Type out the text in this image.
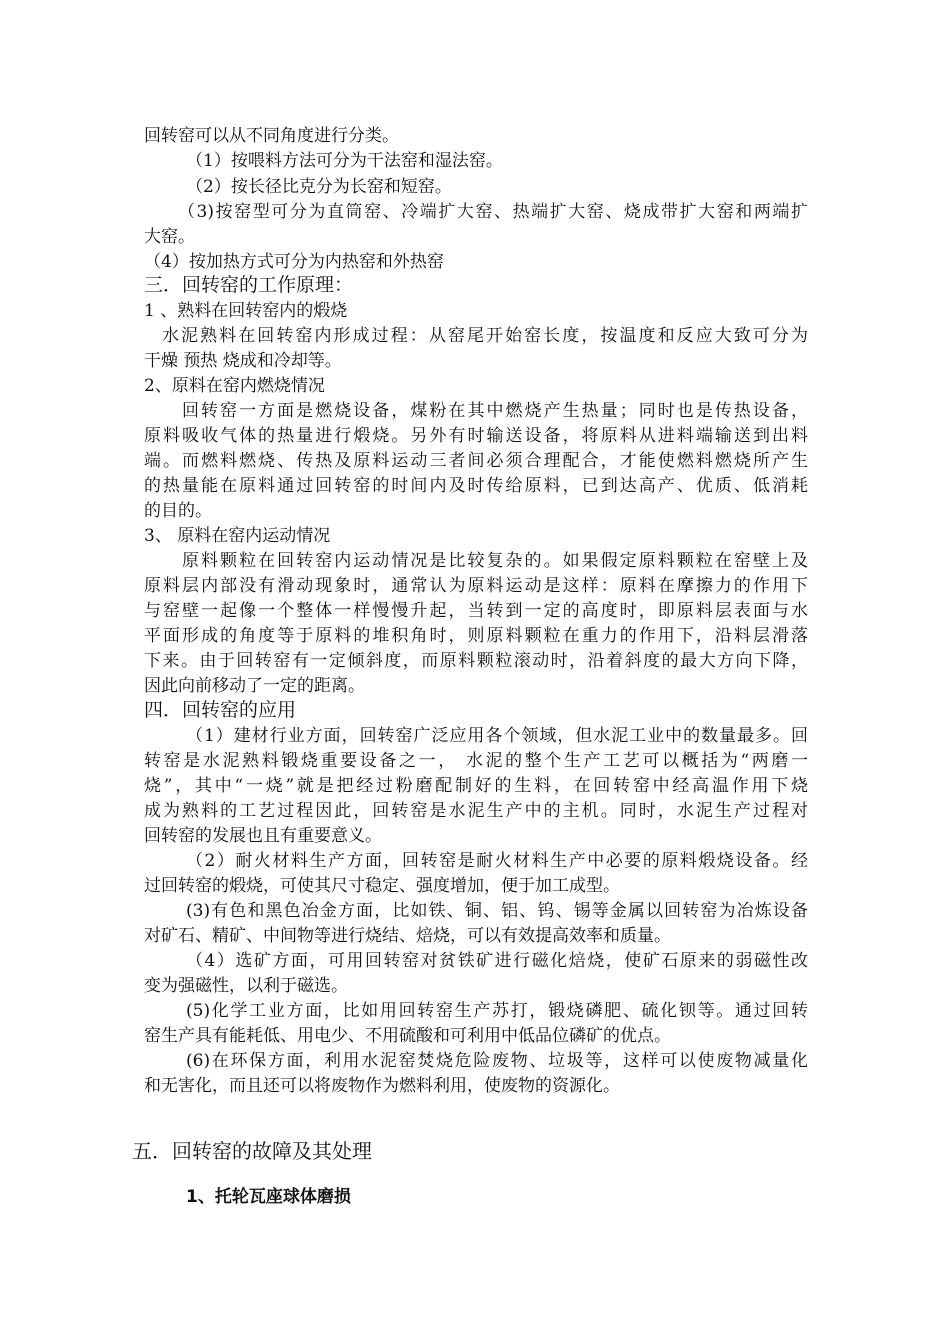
回转窑可以从不同角度进行分类。
（1）按喂料方法可分为干法窑和湿法窑。
（2）按长径比克分为长窑和短窑。
（3)按窑型可分为直筒窑、冷端扩大窑、热端扩大窑、烧成带扩大窑和两端扩
大窑。
（4）按加热方式可分为内热窑和外热窑
三．回转窑的工作原理：
1 、熟料在回转窑内的煅烧
水泥熟料在回转窑内形成过程：从窑尾开始窑长度，按温度和反应大致可分为
干燥 预热 烧成和冷却等。
2、原料在窑内燃烧情况
回转窑一方面是燃烧设备，煤粉在其中燃烧产生热量；同时也是传热设备，
原料吸收气体的热量进行煅烧。另外有时输送设备，将原料从进料端输送到出料
端。而燃料燃烧、传热及原料运动三者间必须合理配合，才能使燃料燃烧所产生
的热量能在原料通过回转窑的时间内及时传给原料，已到达高产、优质、低消耗
的目的。
3、 原料在窑内运动情况
原料颗粒在回转窑内运动情况是比较复杂的。如果假定原料颗粒在窑壁上及
原料层内部没有滑动现象时，通常认为原料运动是这样：原料在摩擦力的作用下
与窑壁一起像一个整体一样慢慢升起，当转到一定的高度时，即原料层表面与水
平面形成的角度等于原料的堆积角时，则原料颗粒在重力的作用下，沿料层滑落
下来。由于回转窑有一定倾斜度，而原料颗粒滚动时，沿着斜度的最大方向下降，
因此向前移动了一定的距离。
四．回转窑的应用
（1）建材行业方面，回转窑广泛应用各个领域，但水泥工业中的数量最多。回
转窑是水泥熟料锻烧重要设备之一， 水泥的整个生产工艺可以概括为“两磨一
烧”，其中“一烧”就是把经过粉磨配制好的生料，在回转窑中经高温作用下烧
成为熟料的工艺过程因此，回转窑是水泥生产中的主机。同时，水泥生产过程对
回转窑的发展也且有重要意义。
（2）耐火材料生产方面，回转窑是耐火材料生产中必要的原料煅烧设备。经
过回转窑的煅烧，可使其尺寸稳定、强度增加，便于加工成型。
(3)有色和黑色冶金方面，比如铁、铜、铝、钨、锡等金属以回转窑为冶炼设备
对矿石、精矿、中间物等进行烧结、焙烧，可以有效提高效率和质量。
（4）选矿方面，可用回转窑对贫铁矿进行磁化焙烧，使矿石原来的弱磁性改
变为强磁性，以利于磁选。
(5)化学工业方面，比如用回转窑生产苏打，锻烧磷肥、硫化钡等。通过回转
窑生产具有能耗低、用电少、不用硫酸和可利用中低品位磷矿的优点。
(6)在环保方面，利用水泥窑焚烧危险废物、垃圾等，这样可以使废物减量化
和无害化，而且还可以将废物作为燃料利用，使废物的资源化。
五．回转窑的故障及其处理
1、托轮瓦座球体磨损
